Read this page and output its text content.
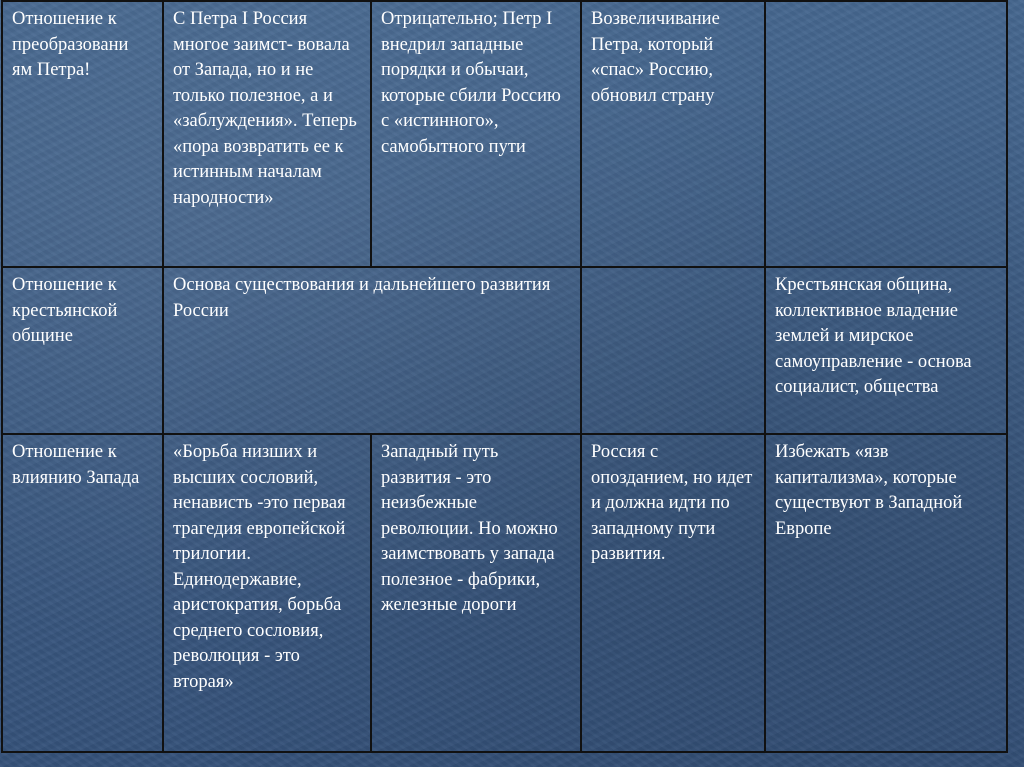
Отношение к преобразовани ям Петра!	С Петра I Россия многое заимст- вовала от Запада, но и не только полезное, а и «заблуждения». Теперь «пора возвратить ее к истинным началам народности»	Отрицательно; Петр I внедрил западные порядки и обычаи, которые сбили Россию с «истинного», самобытного пути	Возвеличивание Петра, который «спас» Россию, обновил страну	

Отношение к крестьянской общине	Основа существования и дальнейшего развития России			Крестьянская община, коллективное владение землей и мирское самоуправление - основа социалист, общества

Отношение к влиянию Запада	«Борьба низших и высших сословий, ненависть -это первая трагедия европейской трилогии. Единодержавие, аристократия, борьба среднего сословия, революция - это вторая»	Западный путь развития - это неизбежные революции. Но можно заимствовать у запада полезное - фабрики, железные дороги	Россия с опозданием, но идет и должна идти по западному пути развития.	Избежать «язв капитализма», которые существуют в Западной Европе
